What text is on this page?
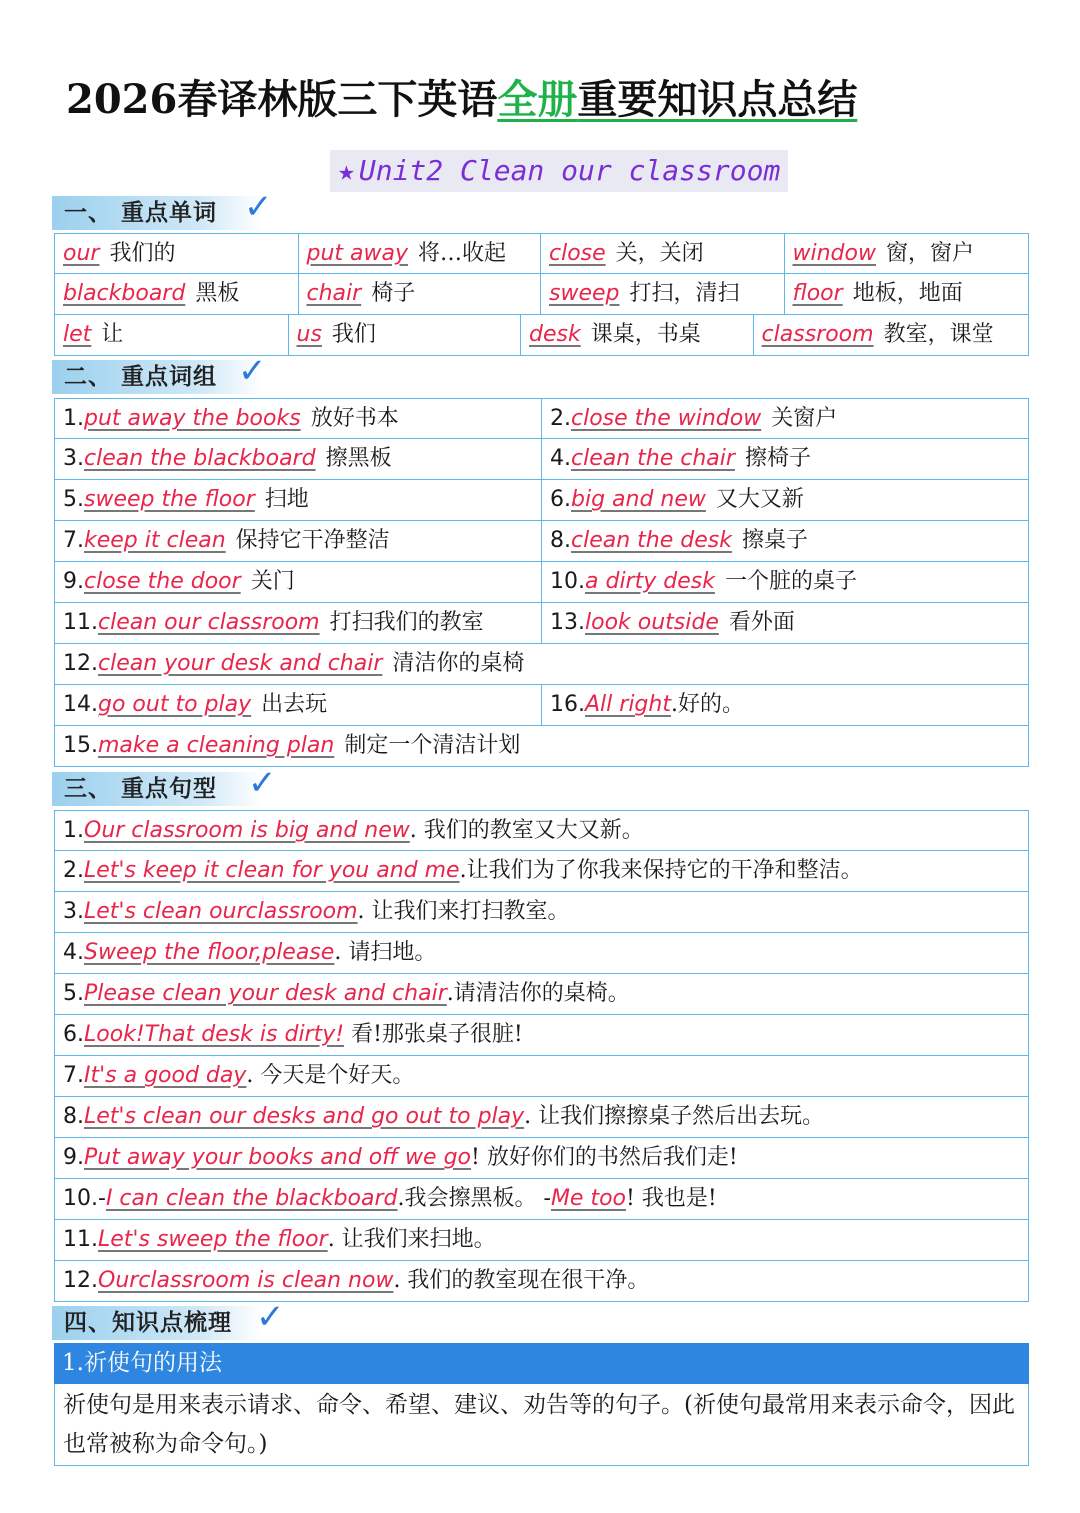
2026春译林版三下英语全册重要知识点总结
★ Unit2 Clean our classroom
一、 重点单词 ✓
our 我们的	put away 将…收起	close 关，关闭	window 窗，窗户
blackboard 黑板	chair 椅子	sweep 打扫，清扫	floor 地板，地面
let 让	us 我们	desk 课桌，书桌	classroom 教室，课堂
二、 重点词组 ✓
1.put away the books 放好书本	2.close the window 关窗户
3.clean the blackboard 擦黑板	4.clean the chair 擦椅子
5.sweep the floor 扫地	6.big and new 又大又新
7.keep it clean 保持它干净整洁	8.clean the desk 擦桌子
9.close the door 关门	10.a dirty desk 一个脏的桌子
11.clean our classroom 打扫我们的教室	13.look outside 看外面
12.clean your desk and chair 清洁你的桌椅
14.go out to play 出去玩	16.All right.好的。
15.make a cleaning plan 制定一个清洁计划
三、 重点句型 ✓
1.Our classroom is big and new. 我们的教室又大又新。
2.Let's keep it clean for you and me.让我们为了你我来保持它的干净和整洁。
3.Let's clean ourclassroom. 让我们来打扫教室。
4.Sweep the floor,please. 请扫地。
5.Please clean your desk and chair.请清洁你的桌椅。
6.Look!That desk is dirty! 看!那张桌子很脏!
7.It's a good day. 今天是个好天。
8.Let's clean our desks and go out to play. 让我们擦擦桌子然后出去玩。
9.Put away your books and off we go! 放好你们的书然后我们走!
10.-I can clean the blackboard.我会擦黑板。 -Me too! 我也是!
11.Let's sweep the floor. 让我们来扫地。
12.Ourclassroom is clean now. 我们的教室现在很干净。
四、知识点梳理 ✓
1.祈使句的用法
祈使句是用来表示请求、命令、希望、建议、劝告等的句子。(祈使句最常用来表示命令，因此也常被称为命令句。)
